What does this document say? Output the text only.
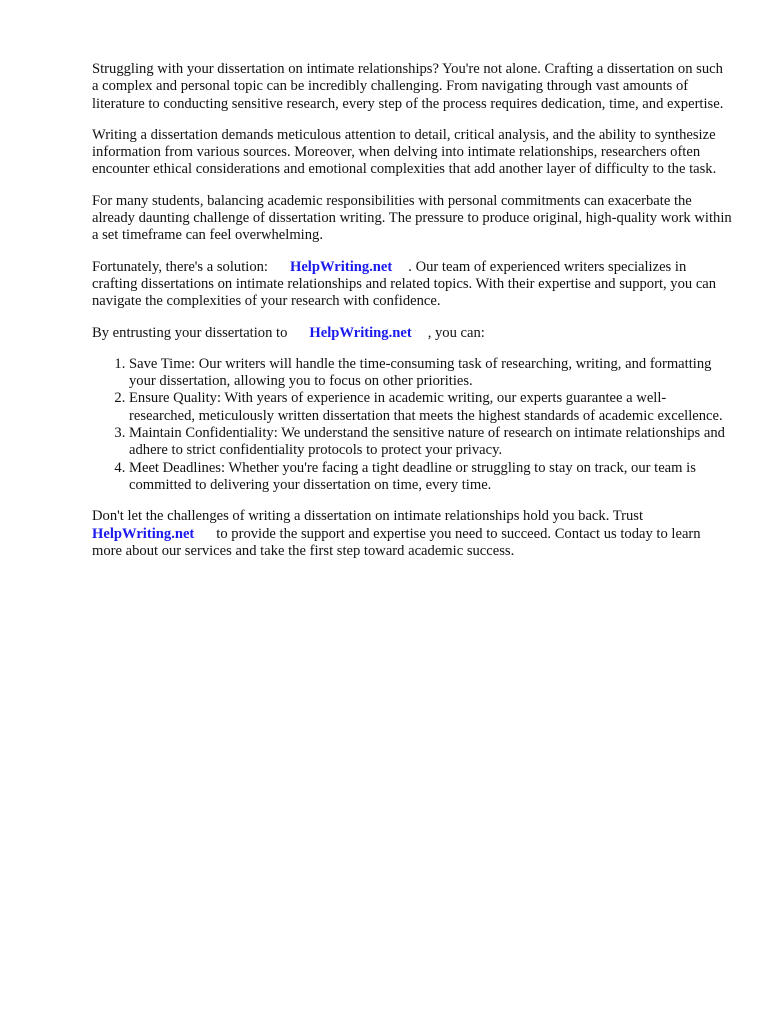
Struggling with your dissertation on intimate relationships? You're not alone. Crafting a dissertation on such a complex and personal topic can be incredibly challenging. From navigating through vast amounts of literature to conducting sensitive research, every step of the process requires dedication, time, and expertise.

Writing a dissertation demands meticulous attention to detail, critical analysis, and the ability to synthesize information from various sources. Moreover, when delving into intimate relationships, researchers often encounter ethical considerations and emotional complexities that add another layer of difficulty to the task.

For many students, balancing academic responsibilities with personal commitments can exacerbate the already daunting challenge of dissertation writing. The pressure to produce original, high-quality work within a set timeframe can feel overwhelming.

Fortunately, there's a solution: HelpWriting.net . Our team of experienced writers specializes in crafting dissertations on intimate relationships and related topics. With their expertise and support, you can navigate the complexities of your research with confidence.

By entrusting your dissertation to HelpWriting.net , you can:

1. Save Time: Our writers will handle the time-consuming task of researching, writing, and formatting your dissertation, allowing you to focus on other priorities.
2. Ensure Quality: With years of experience in academic writing, our experts guarantee a well-researched, meticulously written dissertation that meets the highest standards of academic excellence.
3. Maintain Confidentiality: We understand the sensitive nature of research on intimate relationships and adhere to strict confidentiality protocols to protect your privacy.
4. Meet Deadlines: Whether you're facing a tight deadline or struggling to stay on track, our team is committed to delivering your dissertation on time, every time.

Don't let the challenges of writing a dissertation on intimate relationships hold you back. Trust HelpWriting.net to provide the support and expertise you need to succeed. Contact us today to learn more about our services and take the first step toward academic success.
